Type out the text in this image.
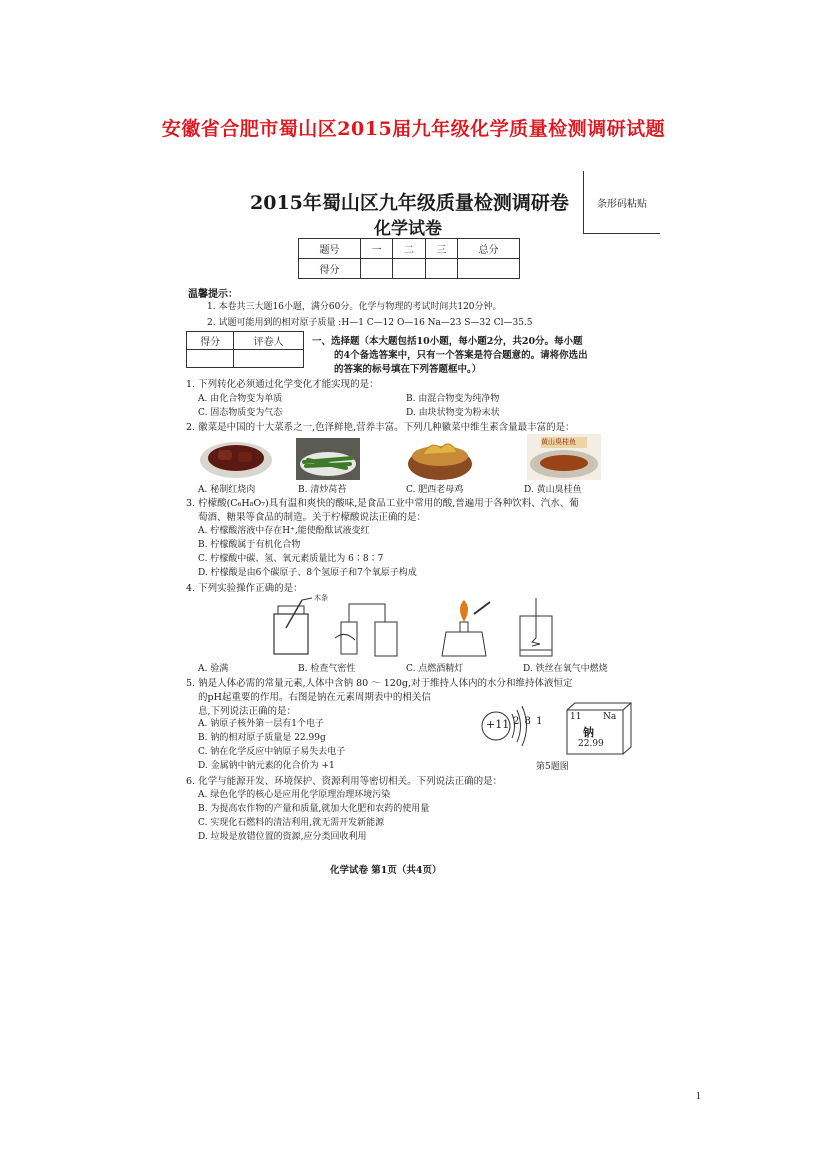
安徽省合肥市蜀山区2015届九年级化学质量检测调研试题
2015年蜀山区九年级质量检测调研卷
化学试卷
条形码粘贴
题号	一	二	三	总分
得分				
温馨提示：
1. 本卷共三大题16小题，满分60分。化学与物理的考试时间共120分钟。
2. 试题可能用到的相对原子质量 :H—1 C—12 O—16 Na—23 S—32 Cl—35.5
得分	评卷人
		一、选择题（本大题包括10小题，每小题2分，共20分。每小题
的4个备选答案中，只有一个答案是符合题意的。请将你选出
的答案的标号填在下列答题框中。）
1. 下列转化必须通过化学变化才能实现的是：
A. 由化合物变为单质	B. 由混合物变为纯净物
C. 固态物质变为气态	D. 由块状物变为粉末状
2. 徽菜是中国的十大菜系之一,色泽鲜艳,营养丰富。下列几种徽菜中维生素含量最丰富的是：
黄山臭桂鱼
A. 秘制红烧肉	B. 清炒莴苔	C. 肥西老母鸡	D. 黄山臭桂鱼
3. 柠檬酸(C₆H₈O₇)具有温和爽快的酸味,是食品工业中常用的酸,普遍用于各种饮料、汽水、葡
萄酒、糖果等食品的制造。关于柠檬酸说法正确的是：
A. 柠檬酸溶液中存在H⁺,能使酚酞试液变红
B. 柠檬酸属于有机化合物
C. 柠檬酸中碳、氢、氧元素质量比为 6∶8∶7
D. 柠檬酸是由6个碳原子、8个氢原子和7个氧原子构成
4. 下列实验操作正确的是：
木条
A. 验满	B. 检查气密性	C. 点燃酒精灯	D. 铁丝在氧气中燃烧
5. 钠是人体必需的常量元素,人体中含钠 80 ～ 120g,对于维持人体内的水分和维持体液恒定
的pH起重要的作用。右图是钠在元素周期表中的相关信
息,下列说法正确的是：
A. 钠原子核外第一层有1个电子
B. 钠的相对原子质量是 22.99g
C. 钠在化学反应中钠原子易失去电子
D. 金属钠中钠元素的化合价为 +1
+11 2 8 1	11 Na
钠
22.99
第5题图
6. 化学与能源开发、环境保护、资源利用等密切相关。下列说法正确的是：
A. 绿色化学的核心是应用化学原理治理环境污染
B. 为提高农作物的产量和质量,就加大化肥和农药的使用量
C. 实现化石燃料的清洁利用,就无需开发新能源
D. 垃圾是放错位置的资源,应分类回收利用
化学试卷 第1页（共4页）
1
